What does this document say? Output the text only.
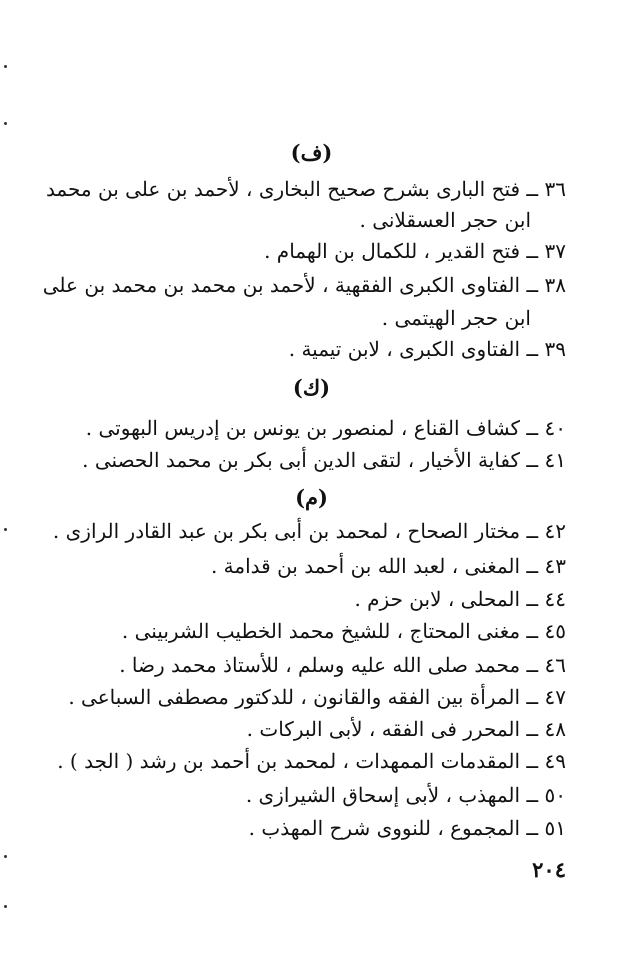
(ف)
٣٦ ــ فتح البارى بشرح صحيح البخارى ، لأحمد بن على بن محمد
ابن حجر العسقلانى .
٣٧ ــ فتح القدير ، للكمال بن الهمام .
٣٨ ــ الفتاوى الكبرى الفقهية ، لأحمد بن محمد بن محمد بن على
ابن حجر الهيتمى .
٣٩ ــ الفتاوى الكبرى ، لابن تيمية .
(ك)
٤٠ ــ كشاف القناع ، لمنصور بن يونس بن إدريس البهوتى .
٤١ ــ كفاية الأخيار ، لتقى الدين أبى بكر بن محمد الحصنى .
(م)
٤٢ ــ مختار الصحاح ، لمحمد بن أبى بكر بن عبد القادر الرازى .
٤٣ ــ المغنى ، لعبد الله بن أحمد بن قدامة .
٤٤ ــ المحلى ، لابن حزم .
٤٥ ــ مغنى المحتاج ، للشيخ محمد الخطيب الشربينى .
٤٦ ــ محمد صلى الله عليه وسلم ، للأستاذ محمد رضا .
٤٧ ــ المرأة بين الفقه والقانون ، للدكتور مصطفى السباعى .
٤٨ ــ المحرر فى الفقه ، لأبى البركات .
٤٩ ــ المقدمات الممهدات ، لمحمد بن أحمد بن رشد ( الجد ) .
٥٠ ــ المهذب ، لأبى إسحاق الشيرازى .
٥١ ــ المجموع ، للنووى شرح المهذب .
٢٠٤
